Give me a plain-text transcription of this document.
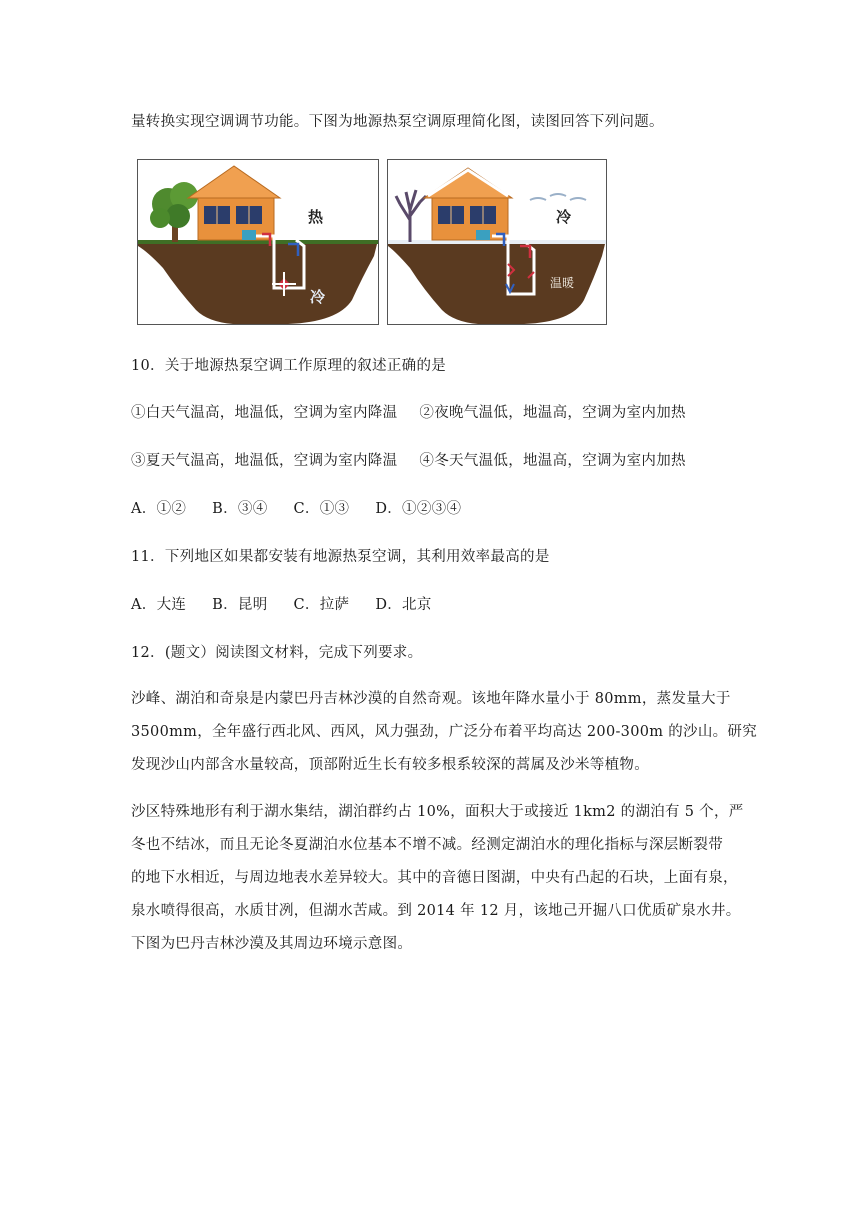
量转换实现空调调节功能。下图为地源热泵空调原理简化图，读图回答下列问题。
热
冷
冷
温暖
10．关于地源热泵空调工作原理的叙述正确的是
①白天气温高，地温低，空调为室内降温 ②夜晚气温低，地温高，空调为室内加热
③夏天气温高，地温低，空调为室内降温 ④冬天气温低，地温高，空调为室内加热
A．①② B．③④ C．①③ D．①②③④
11．下列地区如果都安装有地源热泵空调，其利用效率最高的是
A．大连 B．昆明 C．拉萨 D．北京
12．(题文）阅读图文材料，完成下列要求。
沙峰、湖泊和奇泉是内蒙巴丹吉林沙漠的自然奇观。该地年降水量小于 80mm，蒸发量大于
3500mm，全年盛行西北风、西风，风力强劲，广泛分布着平均高达 200-300m 的沙山。研究
发现沙山内部含水量较高，顶部附近生长有较多根系较深的蒿属及沙米等植物。
沙区特殊地形有利于湖水集结，湖泊群约占 10%，面积大于或接近 1km2 的湖泊有 5 个，严
冬也不结冰，而且无论冬夏湖泊水位基本不增不减。经测定湖泊水的理化指标与深层断裂带
的地下水相近，与周边地表水差异较大。其中的音德日图湖，中央有凸起的石块，上面有泉，
泉水喷得很高，水质甘冽，但湖水苦咸。到 2014 年 12 月，该地己开掘八口优质矿泉水井。
下图为巴丹吉林沙漠及其周边环境示意图。
